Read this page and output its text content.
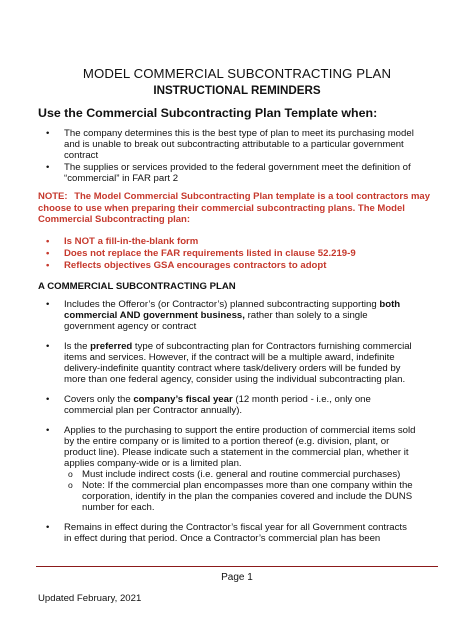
MODEL COMMERCIAL SUBCONTRACTING PLAN
INSTRUCTIONAL REMINDERS
Use the Commercial Subcontracting Plan Template when:
• The company determines this is the best type of plan to meet its purchasing model and is unable to break out subcontracting attributable to a particular government contract
• The supplies or services provided to the federal government meet the definition of “commercial” in FAR part 2
NOTE: The Model Commercial Subcontracting Plan template is a tool contractors may choose to use when preparing their commercial subcontracting plans. The Model Commercial Subcontracting plan:
• Is NOT a fill-in-the-blank form
• Does not replace the FAR requirements listed in clause 52.219-9
• Reflects objectives GSA encourages contractors to adopt
A COMMERCIAL SUBCONTRACTING PLAN
• Includes the Offeror’s (or Contractor’s) planned subcontracting supporting both commercial AND government business, rather than solely to a single government agency or contract
• Is the preferred type of subcontracting plan for Contractors furnishing commercial items and services. However, if the contract will be a multiple award, indefinite delivery-indefinite quantity contract where task/delivery orders will be funded by more than one federal agency, consider using the individual subcontracting plan.
• Covers only the company’s fiscal year (12 month period - i.e., only one commercial plan per Contractor annually).
• Applies to the purchasing to support the entire production of commercial items sold by the entire company or is limited to a portion thereof (e.g. division, plant, or product line). Please indicate such a statement in the commercial plan, whether it applies company-wide or is a limited plan.
o Must include indirect costs (i.e. general and routine commercial purchases)
o Note: If the commercial plan encompasses more than one company within the corporation, identify in the plan the companies covered and include the DUNS number for each.
• Remains in effect during the Contractor’s fiscal year for all Government contracts in effect during that period. Once a Contractor’s commercial plan has been
Page 1
Updated February, 2021
